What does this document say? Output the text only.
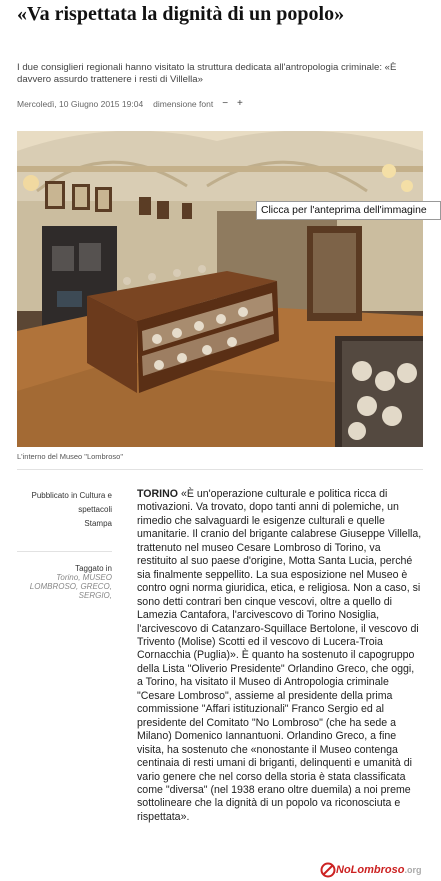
«Va rispettata la dignità di un popolo»
I due consiglieri regionali hanno visitato la struttura dedicata all'antropologia criminale: «È davvero assurdo trattenere i resti di Villella»
Mercoledì, 10 Giugno 2015 19:04 dimensione font − +
Clicca per l'anteprima dell'immagine
L'interno del Museo "Lombroso"
Pubblicato in Cultura e spettacoli
Stampa
Taggato in
Torino, MUSEO LOMBROSO, GRECO, SERGIO,

TORINO «È un'operazione culturale e politica ricca di motivazioni. Va trovato, dopo tanti anni di polemiche, un rimedio che salvaguardi le esigenze culturali e quelle umanitarie. Il cranio del brigante calabrese Giuseppe Villella, trattenuto nel museo Cesare Lombroso di Torino, va restituito al suo paese d'origine, Motta Santa Lucia, perché sia finalmente seppellito. La sua esposizione nel Museo è contro ogni norma giuridica, etica, e religiosa. Non a caso, si sono detti contrari ben cinque vescovi, oltre a quello di Lamezia Cantafora, l'arcivescovo di Torino Nosiglia, l'arcivescovo di Catanzaro-Squillace Bertolone, il vescovo di Trivento (Molise) Scotti ed il vescovo di Lucera-Troia Cornacchia (Puglia)». È quanto ha sostenuto il capogruppo della Lista "Oliverio Presidente" Orlandino Greco, che oggi, a Torino, ha visitato il Museo di Antropologia criminale "Cesare Lombroso", assieme al presidente della prima commissione "Affari istituzionali" Franco Sergio ed al presidente del Comitato "No Lombroso" (che ha sede a Milano) Domenico Iannantuoni. Orlandino Greco, a fine visita, ha sostenuto che «nonostante il Museo contenga centinaia di resti umani di briganti, delinquenti e umanità di vario genere che nel corso della storia è stata classificata come "diversa" (nel 1938 erano oltre duemila) a noi preme sottolineare che la dignità di un popolo va riconosciuta e rispettata».

No Lombroso .org
